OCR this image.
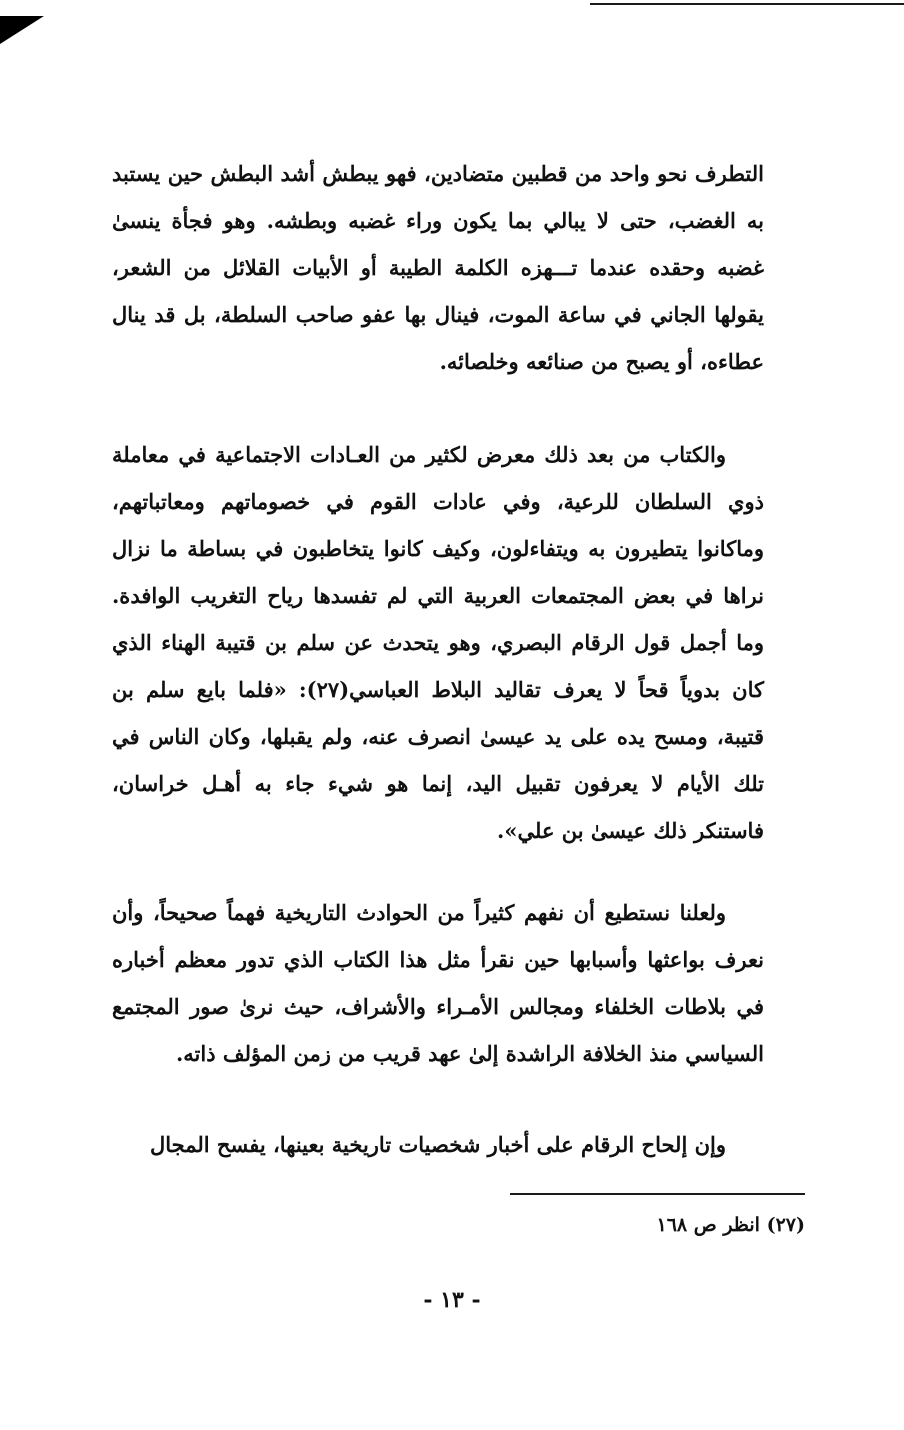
التطرف نحو واحد من قطبين متضادين، فهو يبطش أشد البطش حين يستبد به الغضب، حتى لا يبالي بما يكون وراء غضبه وبطشه. وهو فجأة ينسىٰ غضبه وحقده عندما تـــهزه الكلمة الطيبة أو الأبيات القلائل من الشعر، يقولها الجاني في ساعة الموت، فينال بها عفو صاحب السلطة، بل قد ينال عطاءه، أو يصبح من صنائعه وخلصائه.

والكتاب من بعد ذلك معرض لكثير من العـادات الاجتماعية في معاملة ذوي السلطان للرعية، وفي عادات القوم في خصوماتهم ومعاتباتهم، وماكانوا يتطيرون به ويتفاءلون، وكيف كانوا يتخاطبون في بساطة ما نزال نراها في بعض المجتمعات العربية التي لم تفسدها رياح التغريب الوافدة. وما أجمل قول الرقام البصري، وهو يتحدث عن سلم بن قتيبة الهناء الذي كان بدوياً قحاً لا يعرف تقاليد البلاط العباسي(٢٧): «فلما بايع سلم بن قتيبة، ومسح يده على يد عيسىٰ انصرف عنه، ولم يقبلها، وكان الناس في تلك الأيام لا يعرفون تقبيل اليد، إنما هو شيء جاء به أهـل خراسان، فاستنكر ذلك عيسىٰ بن علي».

ولعلنا نستطيع أن نفهم كثيراً من الحوادث التاريخية فهماً صحيحاً، وأن نعرف بواعثها وأسبابها حين نقرأ مثل هذا الكتاب الذي تدور معظم أخباره في بلاطات الخلفاء ومجالس الأمـراء والأشراف، حيث نرىٰ صور المجتمع السياسي منذ الخلافة الراشدة إلىٰ عهد قريب من زمن المؤلف ذاته.

وإن إلحاح الرقام على أخبار شخصيات تاريخية بعينها، يفسح المجال

(٢٧) انظر ص ١٦٨
- ١٣ -
